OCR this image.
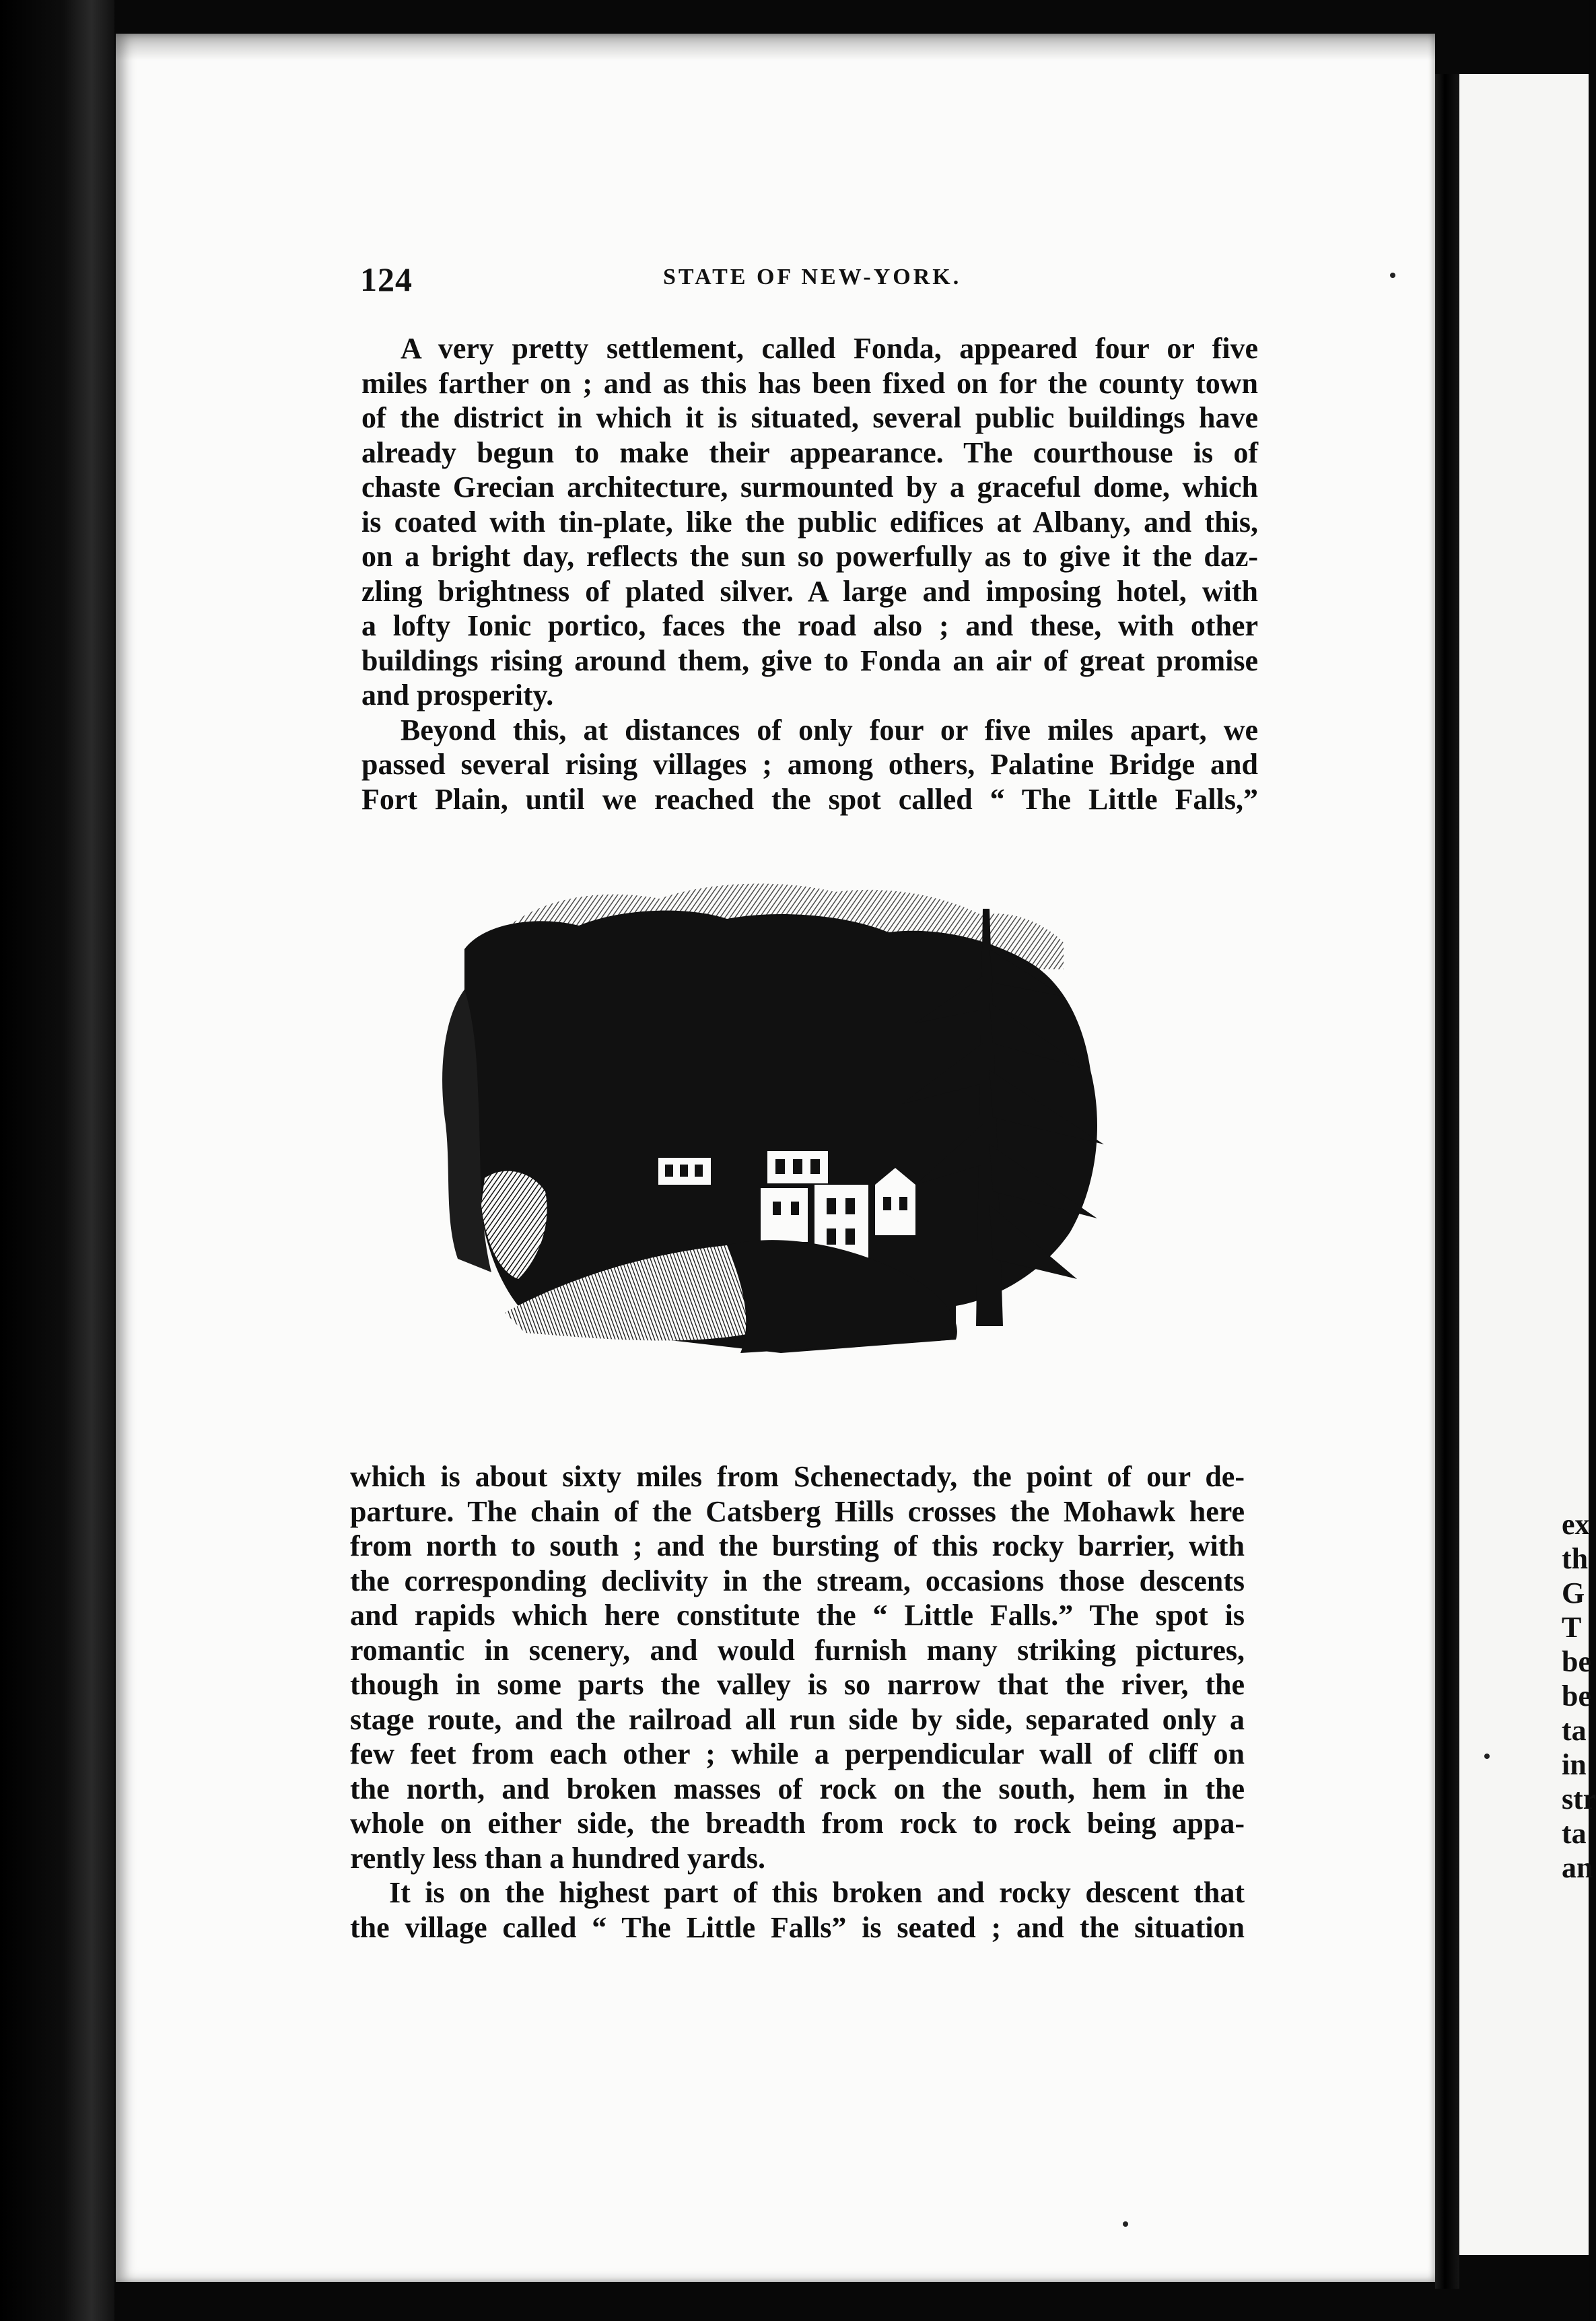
ex
th
G
T
be
be
ta
in
str
ta
an
124	STATE OF NEW-YORK.
A very pretty settlement, called Fonda, appeared four or five
miles farther on ; and as this has been fixed on for the county town
of the district in which it is situated, several public buildings have
already begun to make their appearance. The courthouse is of
chaste Grecian architecture, surmounted by a graceful dome, which
is coated with tin-plate, like the public edifices at Albany, and this,
on a bright day, reflects the sun so powerfully as to give it the daz-
zling brightness of plated silver. A large and imposing hotel, with
a lofty Ionic portico, faces the road also ; and these, with other
buildings rising around them, give to Fonda an air of great promise
and prosperity.
Beyond this, at distances of only four or five miles apart, we
passed several rising villages ; among others, Palatine Bridge and
Fort Plain, until we reached the spot called “ The Little Falls,”
which is about sixty miles from Schenectady, the point of our de-
parture. The chain of the Catsberg Hills crosses the Mohawk here
from north to south ; and the bursting of this rocky barrier, with
the corresponding declivity in the stream, occasions those descents
and rapids which here constitute the “ Little Falls.” The spot is
romantic in scenery, and would furnish many striking pictures,
though in some parts the valley is so narrow that the river, the
stage route, and the railroad all run side by side, separated only a
few feet from each other ; while a perpendicular wall of cliff on
the north, and broken masses of rock on the south, hem in the
whole on either side, the breadth from rock to rock being appa-
rently less than a hundred yards.
It is on the highest part of this broken and rocky descent that
the village called “ The Little Falls” is seated ; and the situation
